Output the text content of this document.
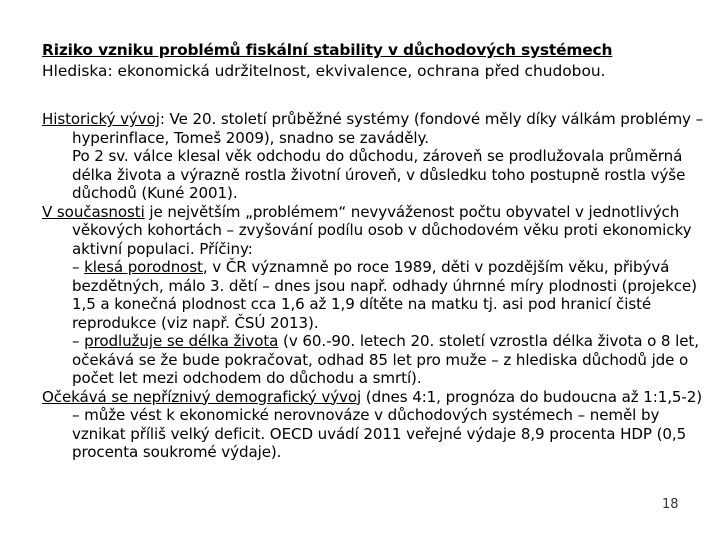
Riziko vzniku problémů fiskální stability v důchodových systémech
Hlediska: ekonomická udržitelnost, ekvivalence, ochrana před chudobou.

Historický vývoj: Ve 20. století průběžné systémy (fondové měly díky válkám problémy – hyperinflace, Tomeš 2009), snadno se zaváděly.

Po 2 sv. válce klesal věk odchodu do důchodu, zároveň se prodlužovala průměrná délka života a výrazně rostla životní úroveň, v důsledku toho postupně rostla výše důchodů (Kuné 2001).

V současnosti je největším „problémem“ nevyváženost počtu obyvatel v jednotlivých věkových kohortách – zvyšování podílu osob v důchodovém věku proti ekonomicky aktivní populaci. Příčiny:

– klesá porodnost, v ČR významně po roce 1989, děti v pozdějším věku, přibývá bezdětných, málo 3. dětí – dnes jsou např. odhady úhrnné míry plodnosti (projekce) 1,5 a konečná plodnost cca 1,6 až 1,9 dítěte na matku tj. asi pod hranicí čisté reprodukce (viz např. ČSÚ 2013).

– prodlužuje se délka života (v 60.-90. letech 20. století vzrostla délka života o 8 let, očekává se že bude pokračovat, odhad 85 let pro muže – z hlediska důchodů jde o počet let mezi odchodem do důchodu a smrtí).

Očekává se nepříznivý demografický vývoj (dnes 4:1, prognóza do budoucna až 1:1,5-2) – může vést k ekonomické nerovnováze v důchodových systémech – neměl by vznikat příliš velký deficit. OECD uvádí 2011 veřejné výdaje 8,9 procenta HDP (0,5 procenta soukromé výdaje).

18
